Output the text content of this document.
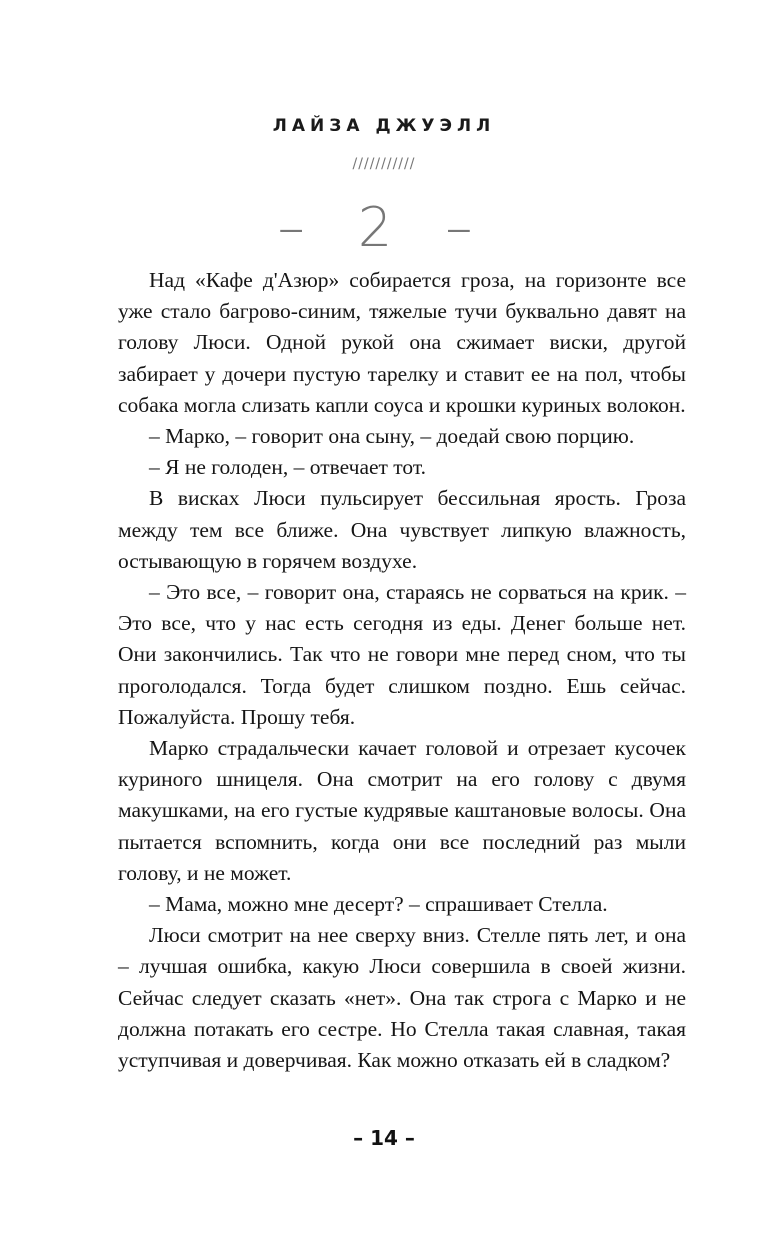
ЛАЙЗА ДЖУЭЛЛ
///////////
– 2 –

Над «Кафе д'Азюр» собирается гроза, на горизонте все уже стало багрово-синим, тяжелые тучи буквально давят на голову Люси. Одной рукой она сжимает виски, другой забирает у дочери пустую тарелку и ставит ее на пол, чтобы собака могла слизать капли соуса и крошки куриных волокон.

– Марко, – говорит она сыну, – доедай свою порцию.

– Я не голоден, – отвечает тот.

В висках Люси пульсирует бессильная ярость. Гроза между тем все ближе. Она чувствует липкую влажность, остывающую в горячем воздухе.

– Это все, – говорит она, стараясь не сорваться на крик. – Это все, что у нас есть сегодня из еды. Денег больше нет. Они закончились. Так что не говори мне перед сном, что ты проголодался. Тогда будет слишком поздно. Ешь сейчас. Пожалуйста. Прошу тебя.

Марко страдальчески качает головой и отрезает кусочек куриного шницеля. Она смотрит на его голову с двумя макушками, на его густые кудрявые каштановые волосы. Она пытается вспомнить, когда они все последний раз мыли голову, и не может.

– Мама, можно мне десерт? – спрашивает Стелла.

Люси смотрит на нее сверху вниз. Стелле пять лет, и она – лучшая ошибка, какую Люси совершила в своей жизни. Сейчас следует сказать «нет». Она так строга с Марко и не должна потакать его сестре. Но Стелла такая славная, такая уступчивая и доверчивая. Как можно отказать ей в сладком?

– 14 –
